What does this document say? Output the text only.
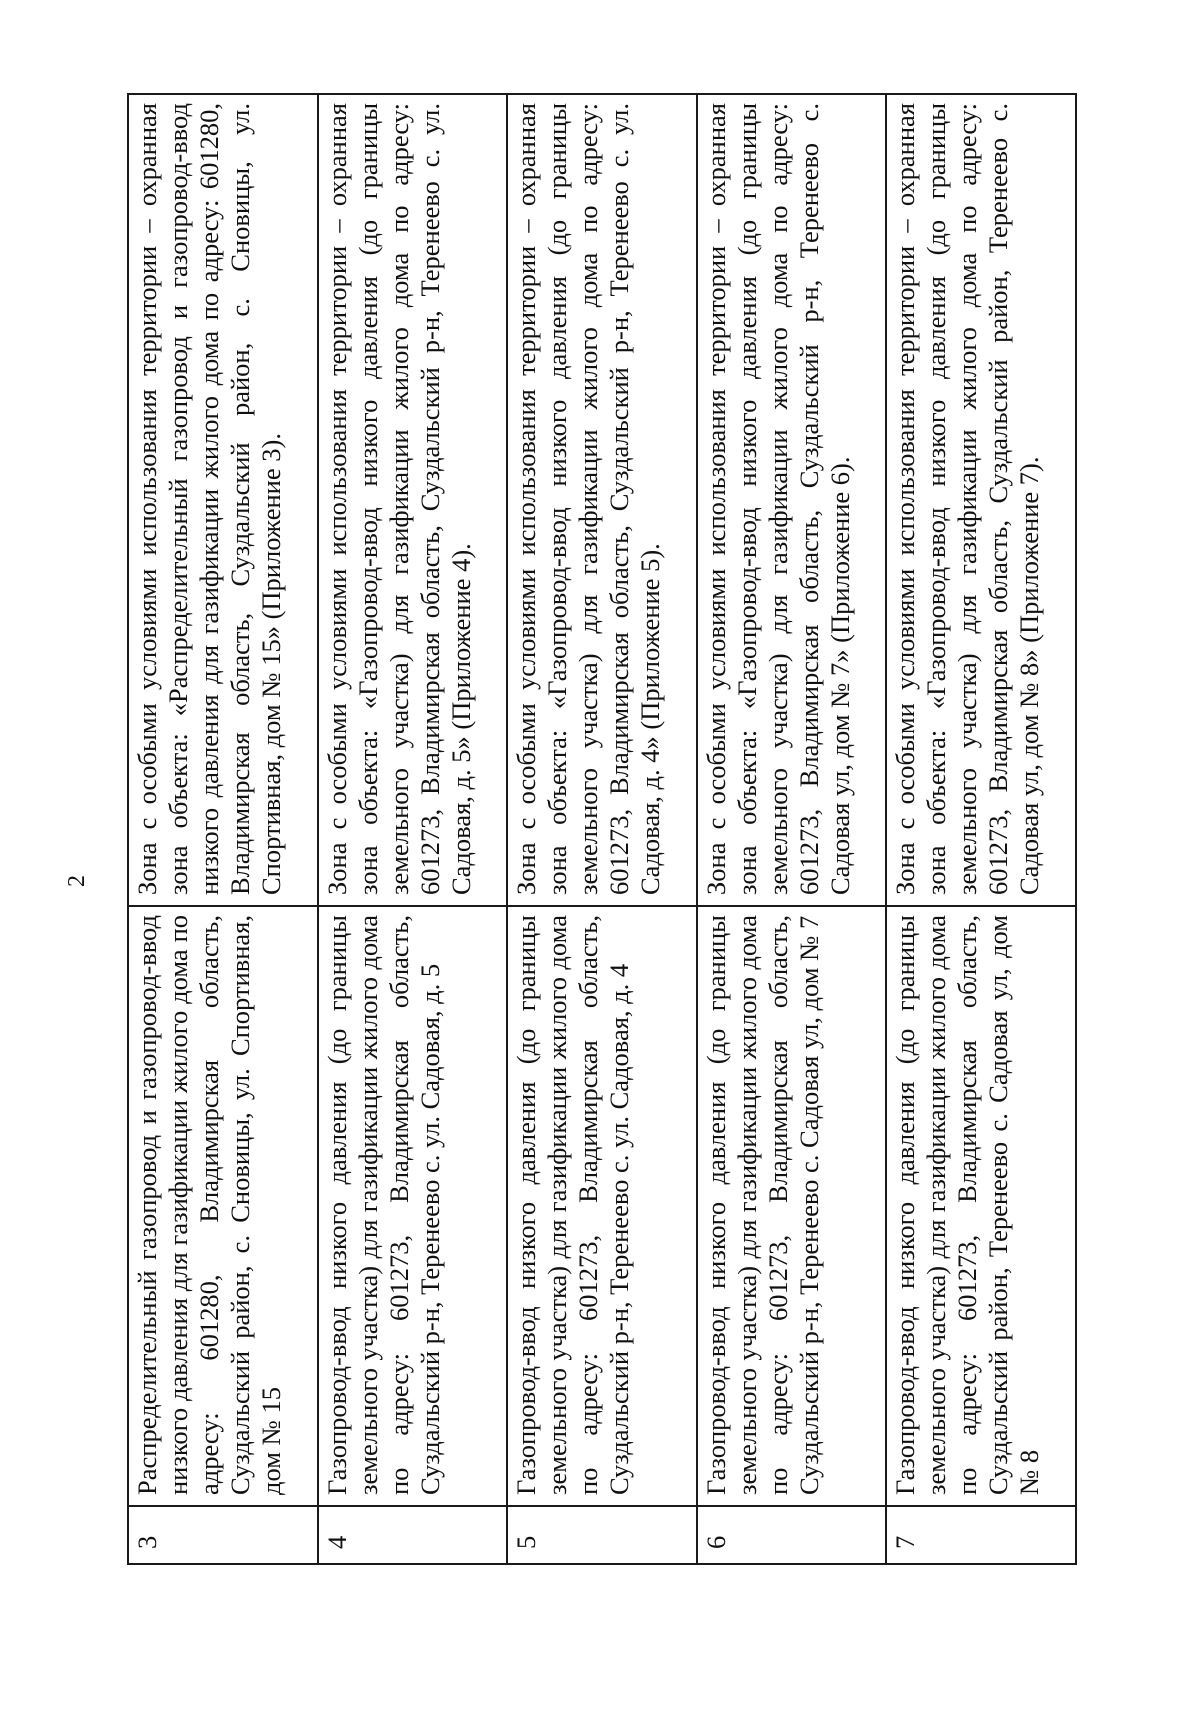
2
3	Распределительный газопровод и газопровод-ввод низкого давления для газификации жилого дома по адресу: 601280, Владимирская область, Суздальский район, с. Сновицы, ул. Спортивная, дом № 15	Зона с особыми условиями использования территории – охранная зона объекта: «Распределительный газопровод и газопровод-ввод низкого давления для газификации жилого дома по адресу: 601280, Владимирская область, Суздальский район, с. Сновицы, ул. Спортивная, дом № 15» (Приложение 3).
4	Газопровод-ввод низкого давления (до границы земельного участка) для газификации жилого дома по адресу: 601273, Владимирская область, Суздальский р-н, Теренеево с. ул. Садовая, д. 5	Зона с особыми условиями использования территории – охранная зона объекта: «Газопровод-ввод низкого давления (до границы земельного участка) для газификации жилого дома по адресу: 601273, Владимирская область, Суздальский р-н, Теренеево с. ул. Садовая, д. 5» (Приложение 4).
5	Газопровод-ввод низкого давления (до границы земельного участка) для газификации жилого дома по адресу: 601273, Владимирская область, Суздальский р-н, Теренеево с. ул. Садовая, д. 4	Зона с особыми условиями использования территории – охранная зона объекта: «Газопровод-ввод низкого давления (до границы земельного участка) для газификации жилого дома по адресу: 601273, Владимирская область, Суздальский р-н, Теренеево с. ул. Садовая, д. 4» (Приложение 5).
6	Газопровод-ввод низкого давления (до границы земельного участка) для газификации жилого дома по адресу: 601273, Владимирская область, Суздальский р-н, Теренеево с. Садовая ул, дом № 7	Зона с особыми условиями использования территории – охранная зона объекта: «Газопровод-ввод низкого давления (до границы земельного участка) для газификации жилого дома по адресу: 601273, Владимирская область, Суздальский р-н, Теренеево с. Садовая ул, дом № 7» (Приложение 6).
7	Газопровод-ввод низкого давления (до границы земельного участка) для газификации жилого дома по адресу: 601273, Владимирская область, Суздальский район, Теренеево с. Садовая ул, дом № 8	Зона с особыми условиями использования территории – охранная зона объекта: «Газопровод-ввод низкого давления (до границы земельного участка) для газификации жилого дома по адресу: 601273, Владимирская область, Суздальский район, Теренеево с. Садовая ул, дом № 8» (Приложение 7).
